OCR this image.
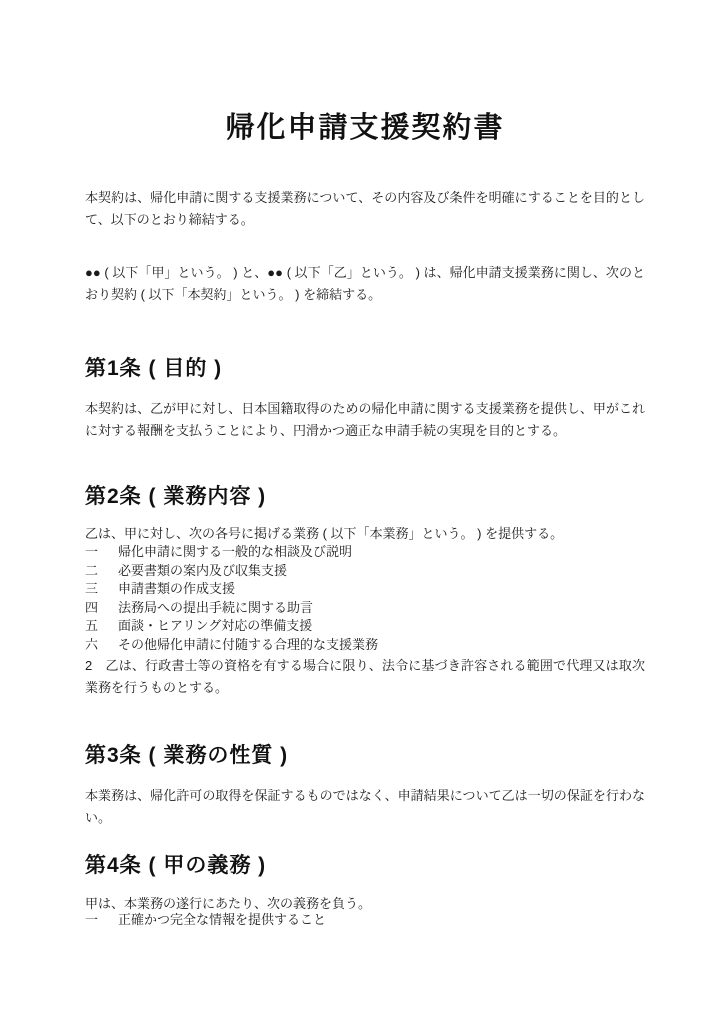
帰化申請支援契約書

本契約は、帰化申請に関する支援業務について、その内容及び条件を明確にすることを目的として、以下のとおり締結する。

●● ( 以下「甲」という。 ) と、●● ( 以下「乙」という。 ) は、帰化申請支援業務に関し、次のとおり契約 ( 以下「本契約」という。 ) を締結する。

第1条 ( 目的 )

本契約は、乙が甲に対し、日本国籍取得のための帰化申請に関する支援業務を提供し、甲がこれに対する報酬を支払うことにより、円滑かつ適正な申請手続の実現を目的とする。

第2条 ( 業務内容 )

乙は、甲に対し、次の各号に掲げる業務 ( 以下「本業務」という。 ) を提供する。

一	帰化申請に関する一般的な相談及び説明
二	必要書類の案内及び収集支援
三	申請書類の作成支援
四	法務局への提出手続に関する助言
五	面談・ヒアリング対応の準備支援
六	その他帰化申請に付随する合理的な支援業務

2　乙は、行政書士等の資格を有する場合に限り、法令に基づき許容される範囲で代理又は取次業務を行うものとする。

第3条 ( 業務の性質 )

本業務は、帰化許可の取得を保証するものではなく、申請結果について乙は一切の保証を行わない。

第4条 ( 甲の義務 )

甲は、本業務の遂行にあたり、次の義務を負う。

一	正確かつ完全な情報を提供すること
